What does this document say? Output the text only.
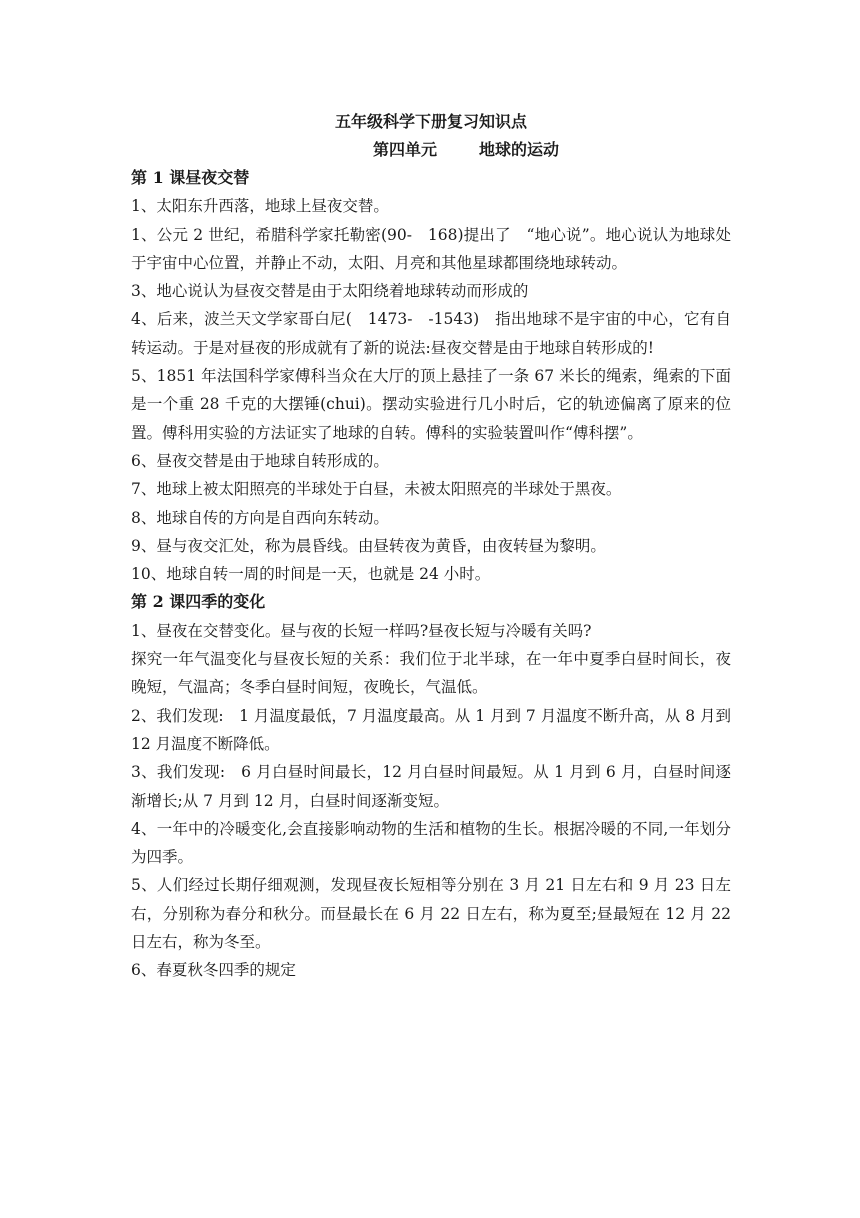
五年级科学下册复习知识点
第四单元	地球的运动

第 1 课昼夜交替

1、太阳东升西落，地球上昼夜交替。

1、公元 2 世纪，希腊科学家托勒密(90-　168)提出了　“地心说”。地心说认为地球处于宇宙中心位置，并静止不动，太阳、月亮和其他星球都围绕地球转动。

3、地心说认为昼夜交替是由于太阳绕着地球转动而形成的

4、后来，波兰天文学家哥白尼(　1473-　-1543)　指出地球不是宇宙的中心，它有自转运动。于是对昼夜的形成就有了新的说法:昼夜交替是由于地球自转形成的!

5、1851 年法国科学家傅科当众在大厅的顶上悬挂了一条 67 米长的绳索，绳索的下面是一个重 28 千克的大摆锤(chui)。摆动实验进行几小时后，它的轨迹偏离了原来的位置。傅科用实验的方法证实了地球的自转。傅科的实验装置叫作“傅科摆”。

6、昼夜交替是由于地球自转形成的。

7、地球上被太阳照亮的半球处于白昼，未被太阳照亮的半球处于黑夜。

8、地球自传的方向是自西向东转动。

9、昼与夜交汇处，称为晨昏线。由昼转夜为黄昏，由夜转昼为黎明。

10、地球自转一周的时间是一天，也就是 24 小时。

第 2 课四季的变化

1、昼夜在交替变化。昼与夜的长短一样吗?昼夜长短与冷暖有关吗?

探究一年气温变化与昼夜长短的关系：我们位于北半球，在一年中夏季白昼时间长，夜晚短，气温高；冬季白昼时间短，夜晚长，气温低。

2、我们发现:　1 月温度最低，7 月温度最高。从 1 月到 7 月温度不断升高，从 8 月到 12 月温度不断降低。

3、我们发现:　6 月白昼时间最长，12 月白昼时间最短。从 1 月到 6 月，白昼时间逐渐增长;从 7 月到 12 月，白昼时间逐渐变短。

4、一年中的冷暖变化,会直接影响动物的生活和植物的生长。根据冷暖的不同,一年划分为四季。

5、人们经过长期仔细观测，发现昼夜长短相等分别在 3 月 21 日左右和 9 月 23 日左右，分别称为春分和秋分。而昼最长在 6 月 22 日左右，称为夏至;昼最短在 12 月 22 日左右，称为冬至。

6、春夏秋冬四季的规定
